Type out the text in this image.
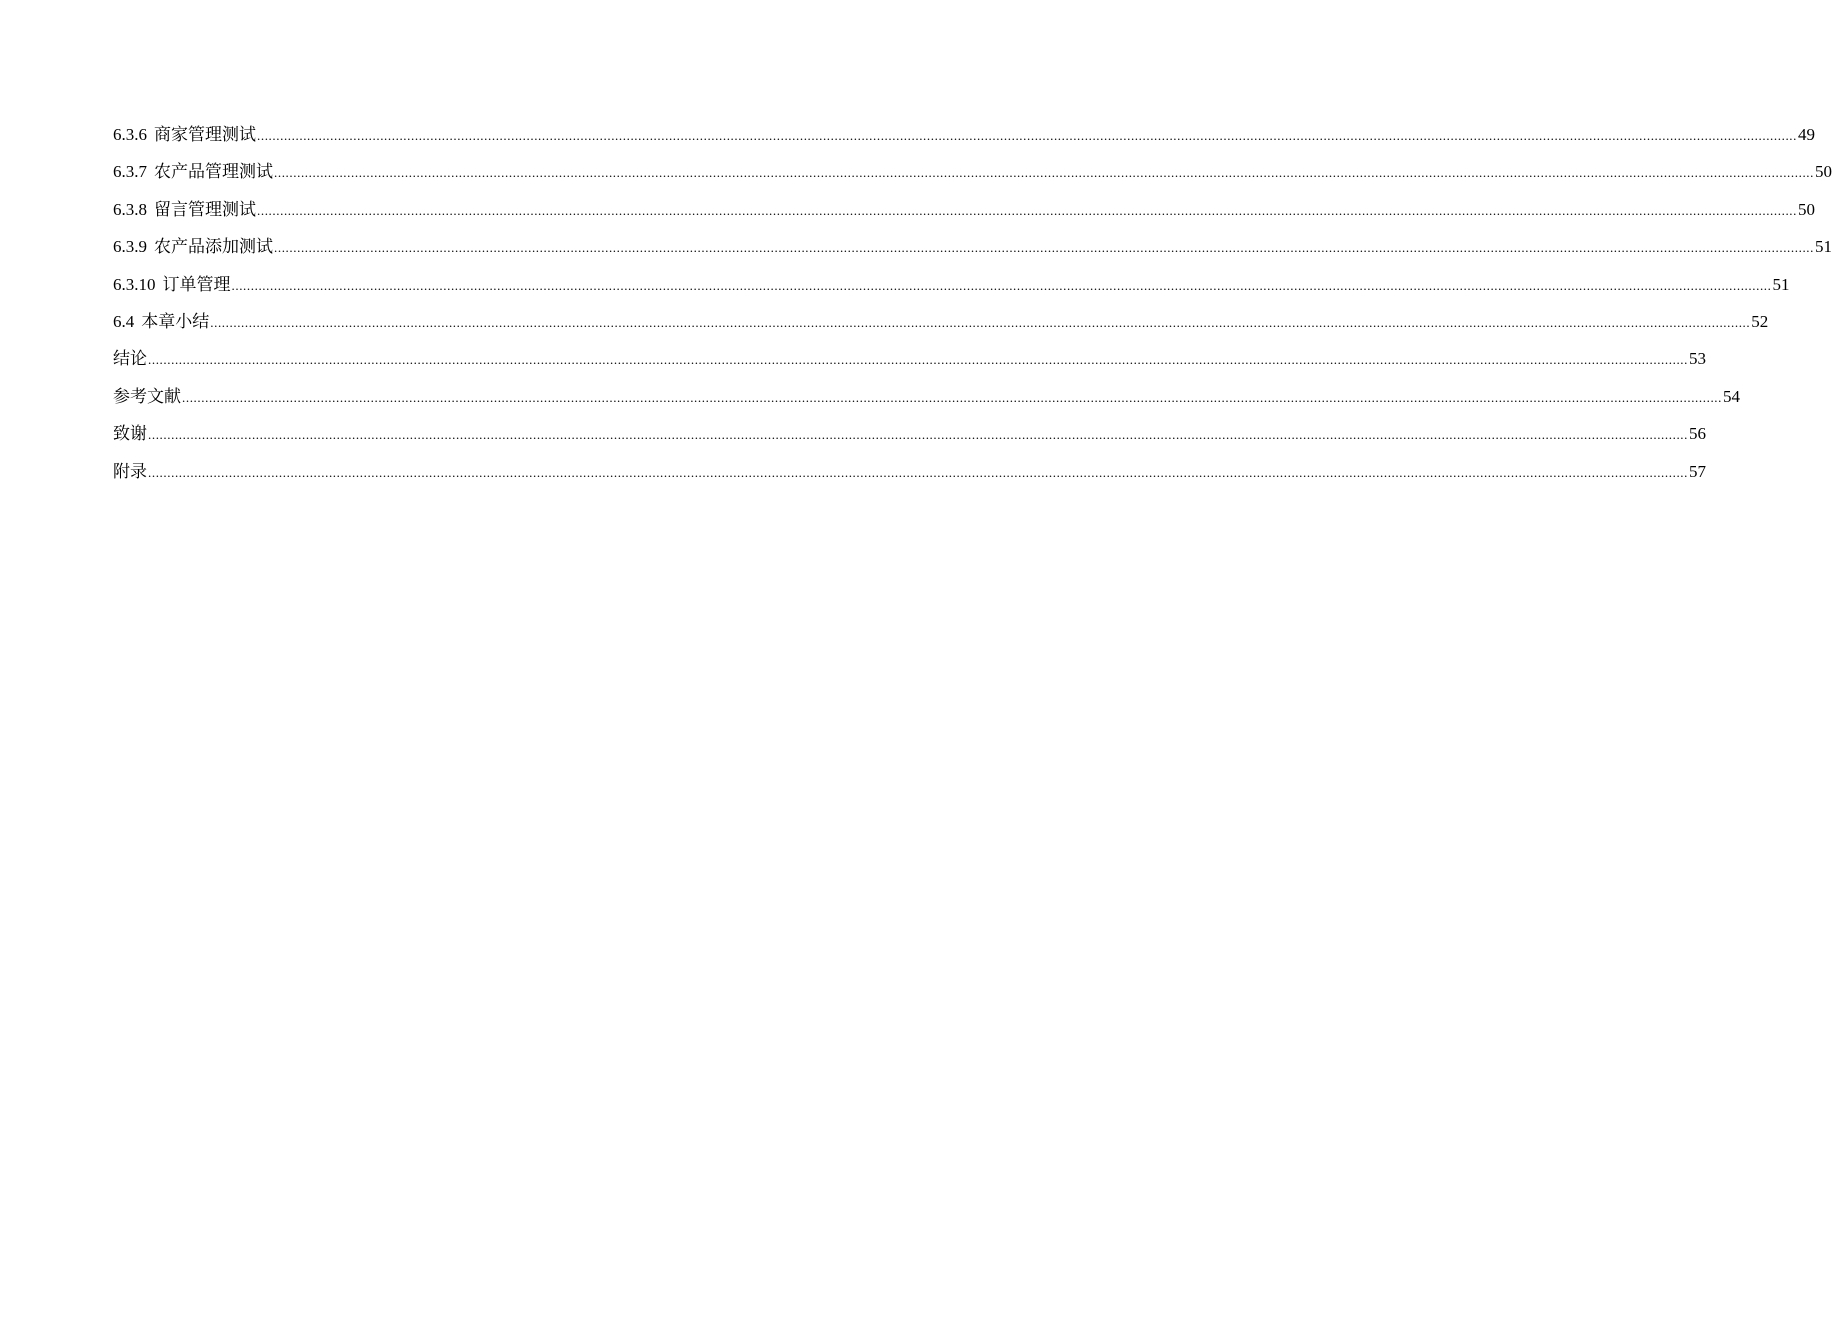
6.3.6 商家管理测试 ................................................................................................................................................................................................................................................................................................................................................................................................................ 49
6.3.7 农产品管理测试 ................................................................................................................................................................................................................................................................................................................................................................................................................ 50
6.3.8 留言管理测试 ................................................................................................................................................................................................................................................................................................................................................................................................................ 50
6.3.9 农产品添加测试 ................................................................................................................................................................................................................................................................................................................................................................................................................ 51
6.3.10 订单管理 ................................................................................................................................................................................................................................................................................................................................................................................................................ 51
6.4 本章小结 ................................................................................................................................................................................................................................................................................................................................................................................................................ 52
结论 ................................................................................................................................................................................................................................................................................................................................................................................................................ 53
参考文献 ................................................................................................................................................................................................................................................................................................................................................................................................................ 54
致谢 ................................................................................................................................................................................................................................................................................................................................................................................................................ 56
附录 ................................................................................................................................................................................................................................................................................................................................................................................................................ 57
